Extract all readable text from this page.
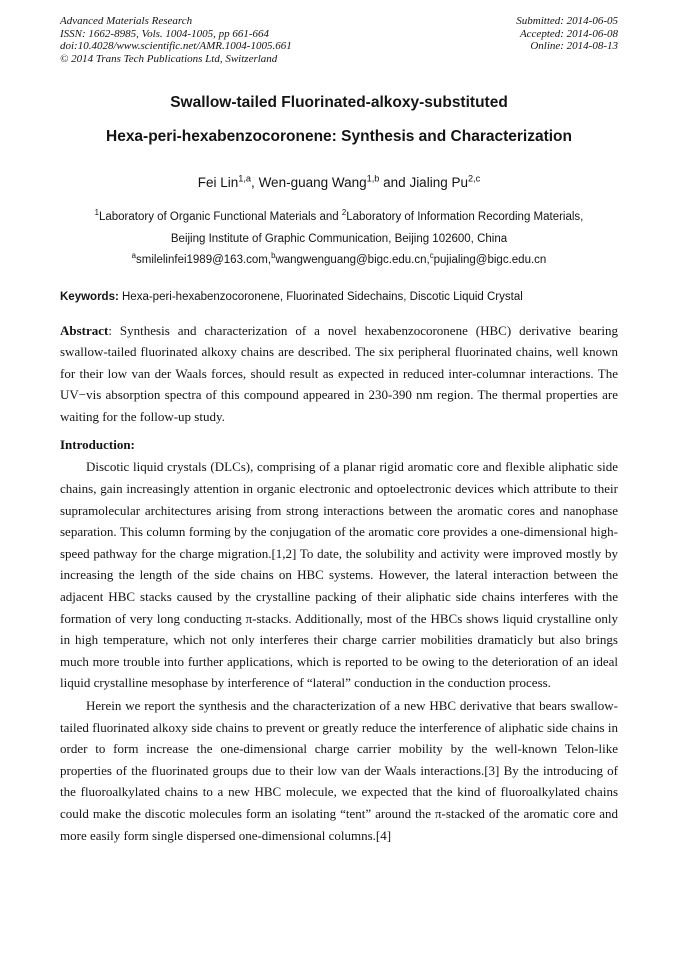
Advanced Materials Research
ISSN: 1662-8985, Vols. 1004-1005, pp 661-664
doi:10.4028/www.scientific.net/AMR.1004-1005.661
© 2014 Trans Tech Publications Ltd, Switzerland
Submitted: 2014-06-05
Accepted: 2014-06-08
Online: 2014-08-13
Swallow-tailed Fluorinated-alkoxy-substituted
Hexa-peri-hexabenzocoronene: Synthesis and Characterization
Fei Lin$^{1,a}$, Wen-guang Wang$^{1,b}$ and Jialing Pu$^{2,c}$
$^1$Laboratory of Organic Functional Materials and $^2$Laboratory of Information Recording Materials,
Beijing Institute of Graphic Communication, Beijing 102600, China
$^a$smilelinfei1989@163.com,$^b$wangwenguang@bigc.edu.cn,$^c$pujialing@bigc.edu.cn
Keywords: Hexa-peri-hexabenzocoronene, Fluorinated Sidechains, Discotic Liquid Crystal
Abstract: Synthesis and characterization of a novel hexabenzocoronene (HBC) derivative bearing swallow-tailed fluorinated alkoxy chains are described. The six peripheral fluorinated chains, well known for their low van der Waals forces, should result as expected in reduced inter-columnar interactions. The UV−vis absorption spectra of this compound appeared in 230-390 nm region. The thermal properties are waiting for the follow-up study.
Introduction:

Discotic liquid crystals (DLCs), comprising of a planar rigid aromatic core and flexible aliphatic side chains, gain increasingly attention in organic electronic and optoelectronic devices which attribute to their supramolecular architectures arising from strong interactions between the aromatic cores and nanophase separation. This column forming by the conjugation of the aromatic core provides a one-dimensional high-speed pathway for the charge migration.[1,2] To date, the solubility and activity were improved mostly by increasing the length of the side chains on HBC systems. However, the lateral interaction between the adjacent HBC stacks caused by the crystalline packing of their aliphatic side chains interferes with the formation of very long conducting π-stacks. Additionally, most of the HBCs shows liquid crystalline only in high temperature, which not only interferes their charge carrier mobilities dramaticly but also brings much more trouble into further applications, which is reported to be owing to the deterioration of an ideal liquid crystalline mesophase by interference of “lateral” conduction in the conduction process.

Herein we report the synthesis and the characterization of a new HBC derivative that bears swallow-tailed fluorinated alkoxy side chains to prevent or greatly reduce the interference of aliphatic side chains in order to form increase the one-dimensional charge carrier mobility by the well-known Telon-like properties of the fluorinated groups due to their low van der Waals interactions.[3] By the introducing of the fluoroalkylated chains to a new HBC molecule, we expected that the kind of fluoroalkylated chains could make the discotic molecules form an isolating “tent” around the π-stacked of the aromatic core and more easily form single dispersed one-dimensional columns.[4]
